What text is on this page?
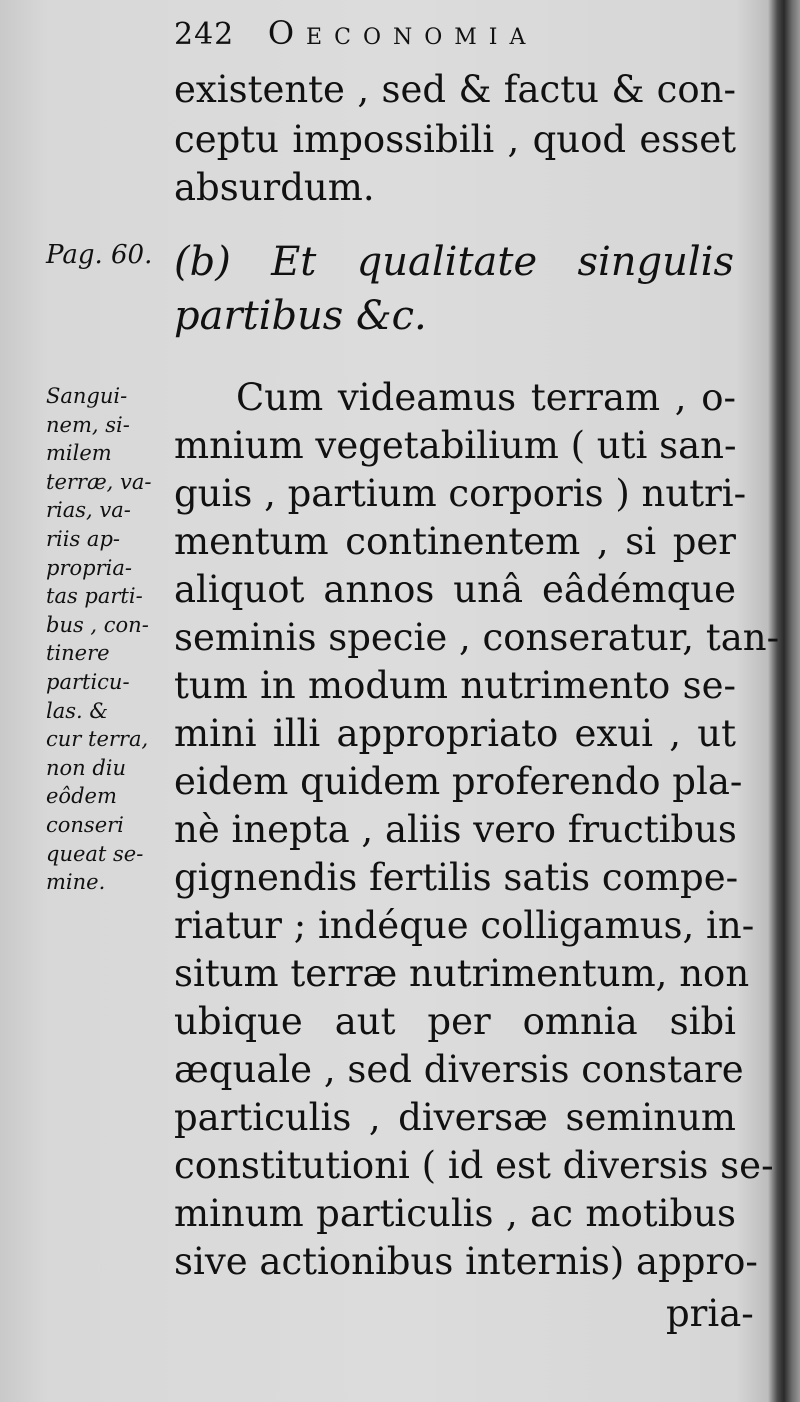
242 Oeconomia
existente , sed & factu & con-
ceptu impossibili , quod esset
absurdum.
Pag. 60. (b) Et qualitate singulis
partibus &c.
Sangui-
nem, si-
milem
terræ, va-
rias, va-
riis ap-
propria-
tas parti-
bus , con-
tinere
particu-
las. &
cur terra,
non diu
eôdem
conseri
queat se-
mine.
Cum videamus terram , o-
mnium vegetabilium ( uti san-
guis , partium corporis ) nutri-
mentum continentem , si per
aliquot annos unâ eâdémque
seminis specie , conseratur, tan-
tum in modum nutrimento se-
mini illi appropriato exui , ut
eidem quidem proferendo pla-
nè inepta , aliis vero fructibus
gignendis fertilis satis compe-
riatur ; indéque colligamus, in-
situm terræ nutrimentum, non
ubique aut per omnia sibi
æquale , sed diversis constare
particulis , diversæ seminum
constitutioni ( id est diversis se-
minum particulis , ac motibus
sive actionibus internis) appro-
pria-
